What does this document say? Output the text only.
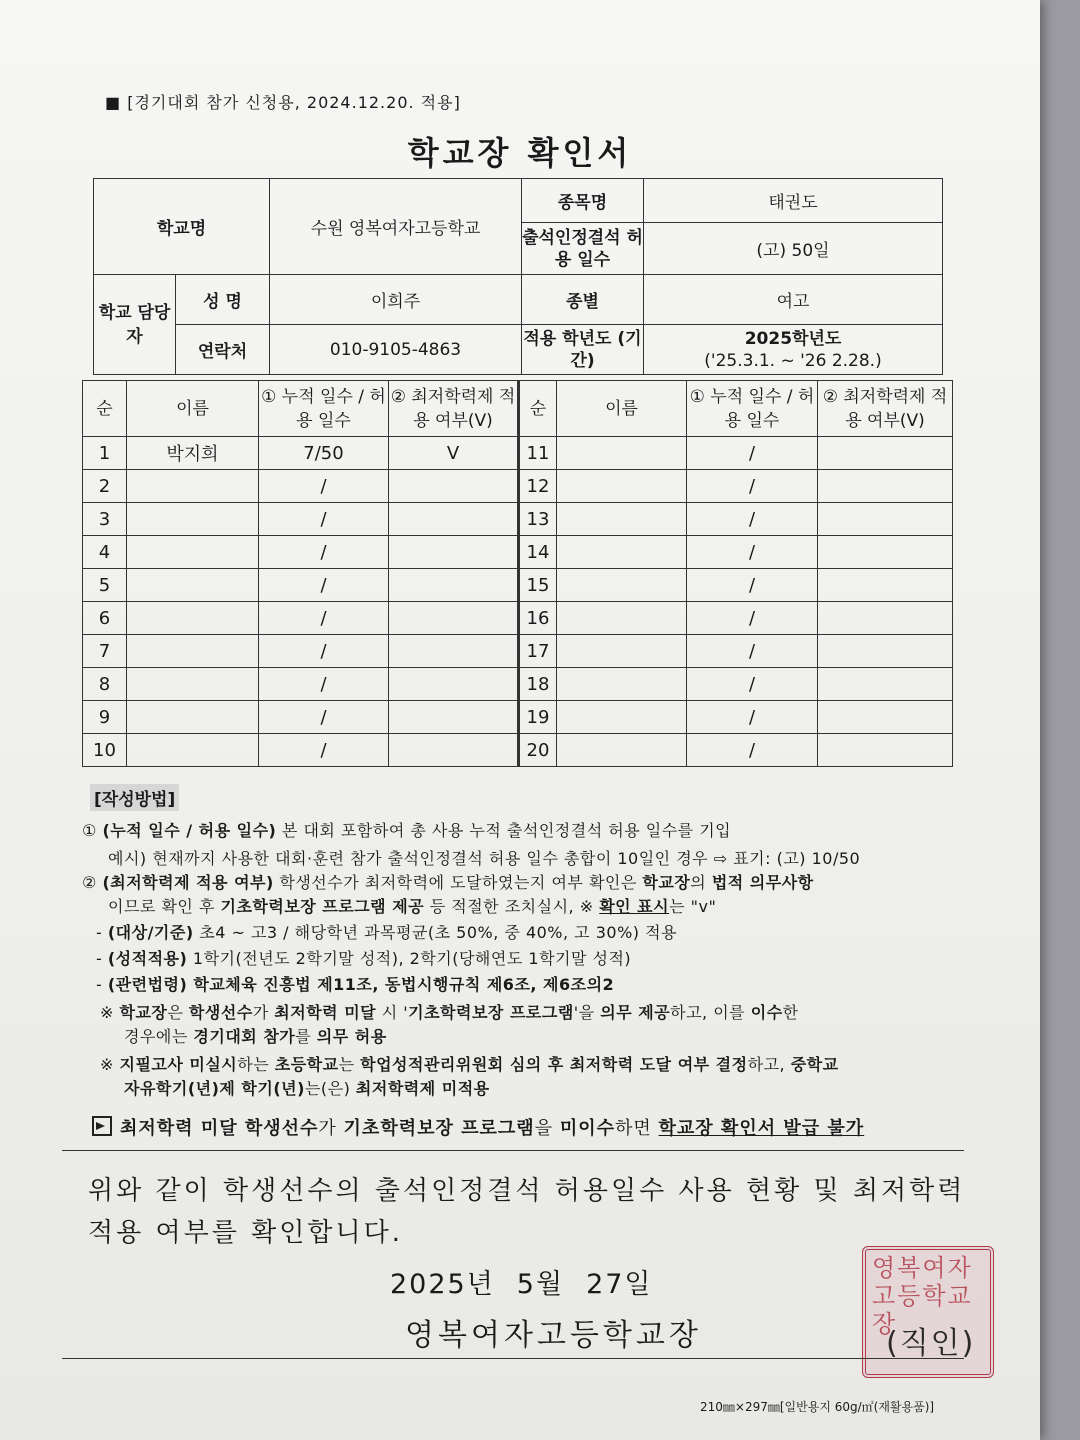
■ [경기대회 참가 신청용, 2024.12.20. 적용]
학교장 확인서
학교명		수원 영복여자고등학교	종목명	태권도
			출석인정결석 허용 일수	(고) 50일
학교 담당자	성 명	이희주	종별	여고
	연락처	010-9105-4863	적용 학년도 (기간)	2025학년도
('25.3.1. ~ '26 2.28.)
순	이름	① 누적 일수 / 허용 일수	② 최저학력제 적용 여부(V)	순	이름	① 누적 일수 / 허용 일수	② 최저학력제 적용 여부(V)
1	박지희	7/50	V	11		/	
2		/		12		/	
3		/		13		/	
4		/		14		/	
5		/		15		/	
6		/		16		/	
7		/		17		/	
8		/		18		/	
9		/		19		/	
10		/		20		/	
[작성방법]
① (누적 일수 / 허용 일수) 본 대회 포함하여 총 사용 누적 출석인정결석 허용 일수를 기입
예시) 현재까지 사용한 대회·훈련 참가 출석인정결석 허용 일수 총합이 10일인 경우 ⇨ 표기: (고) 10/50
② (최저학력제 적용 여부) 학생선수가 최저학력에 도달하였는지 여부 확인은 학교장의 법적 의무사항
이므로 확인 후 기초학력보장 프로그램 제공 등 적절한 조치실시, ※ 확인 표시는 "v"
- (대상/기준) 초4 ~ 고3 / 해당학년 과목평균(초 50%, 중 40%, 고 30%) 적용
- (성적적용) 1학기(전년도 2학기말 성적), 2학기(당해연도 1학기말 성적)
- (관련법령) 학교체육 진흥법 제11조, 동법시행규칙 제6조, 제6조의2
※ 학교장은 학생선수가 최저학력 미달 시 '기초학력보장 프로그램'을 의무 제공하고, 이를 이수한
경우에는 경기대회 참가를 의무 허용
※ 지필고사 미실시하는 초등학교는 학업성적관리위원회 심의 후 최저학력 도달 여부 결정하고, 중학교
자유학기(년)제 학기(년)는(은) 최저학력제 미적용
최저학력 미달 학생선수가 기초학력보장 프로그램을 미이수하면 학교장 확인서 발급 불가
위와 같이 학생선수의 출석인정결석 허용일수 사용 현황 및 최저학력 적용 여부를 확인합니다.
2025년 5월 27일
영복여자고등학교장
영복여자고등학교장
(직인)
210㎜×297㎜[일반용지 60g/㎡(재활용품)]
